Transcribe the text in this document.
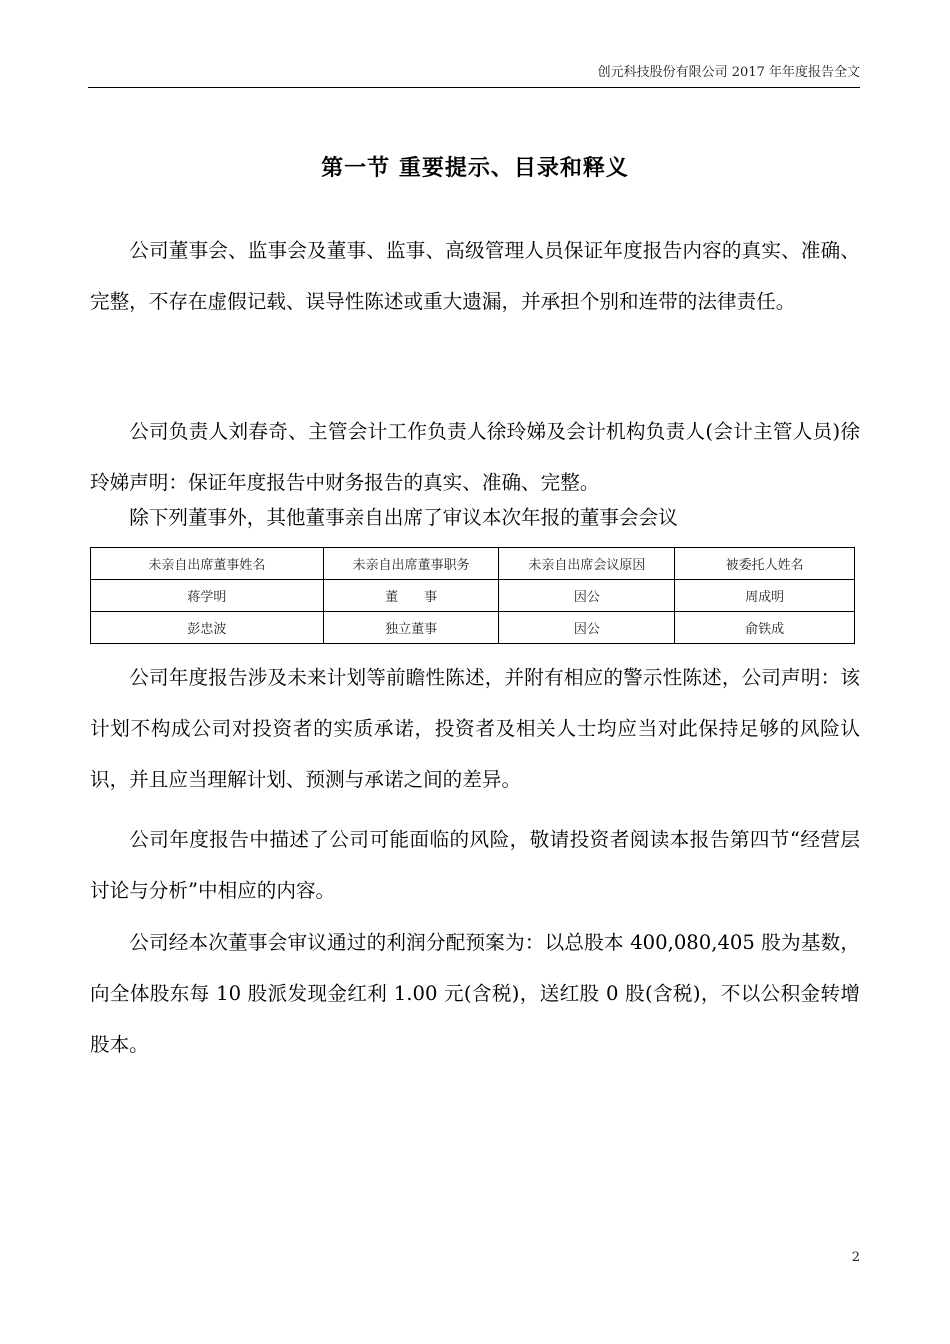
创元科技股份有限公司 2017 年年度报告全文
第一节 重要提示、目录和释义

公司董事会、监事会及董事、监事、高级管理人员保证年度报告内容的真实、准确、完整，不存在虚假记载、误导性陈述或重大遗漏，并承担个别和连带的法律责任。

公司负责人刘春奇、主管会计工作负责人徐玲娣及会计机构负责人(会计主管人员)徐玲娣声明：保证年度报告中财务报告的真实、准确、完整。

除下列董事外，其他董事亲自出席了审议本次年报的董事会会议

未亲自出席董事姓名	未亲自出席董事职务	未亲自出席会议原因	被委托人姓名
蒋学明	董　　事	因公	周成明
彭忠波	独立董事	因公	俞铁成

公司年度报告涉及未来计划等前瞻性陈述，并附有相应的警示性陈述，公司声明：该计划不构成公司对投资者的实质承诺，投资者及相关人士均应当对此保持足够的风险认识，并且应当理解计划、预测与承诺之间的差异。

公司年度报告中描述了公司可能面临的风险，敬请投资者阅读本报告第四节“经营层讨论与分析”中相应的内容。

公司经本次董事会审议通过的利润分配预案为：以总股本 400,080,405 股为基数，向全体股东每 10 股派发现金红利 1.00 元(含税)，送红股 0 股(含税)，不以公积金转增股本。

2
